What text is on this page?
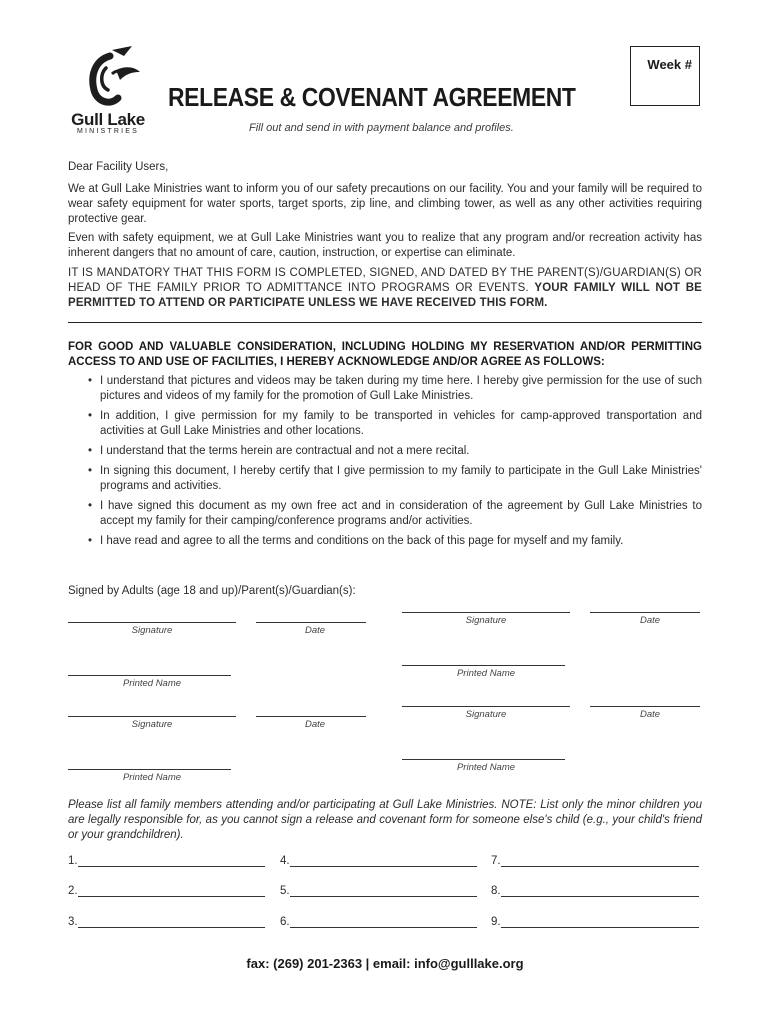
Gull Lake
MINISTRIES
RELEASE & COVENANT AGREEMENT
Fill out and send in with payment balance and profiles.
Week #
Dear Facility Users,
We at Gull Lake Ministries want to inform you of our safety precautions on our facility. You and your family will be required to wear safety equipment for water sports, target sports, zip line, and climbing tower, as well as any other activities requiring protective gear.
Even with safety equipment, we at Gull Lake Ministries want you to realize that any program and/or recreation activity has inherent dangers that no amount of care, caution, instruction, or expertise can eliminate.
IT IS MANDATORY THAT THIS FORM IS COMPLETED, SIGNED, AND DATED BY THE PARENT(S)/GUARDIAN(S) OR HEAD OF THE FAMILY PRIOR TO ADMITTANCE INTO PROGRAMS OR EVENTS. YOUR FAMILY WILL NOT BE PERMITTED TO ATTEND OR PARTICIPATE UNLESS WE HAVE RECEIVED THIS FORM.
FOR GOOD AND VALUABLE CONSIDERATION, INCLUDING HOLDING MY RESERVATION AND/OR PERMITTING ACCESS TO AND USE OF FACILITIES, I HEREBY ACKNOWLEDGE AND/OR AGREE AS FOLLOWS:
• I understand that pictures and videos may be taken during my time here. I hereby give permission for the use of such pictures and videos of my family for the promotion of Gull Lake Ministries.
• In addition, I give permission for my family to be transported in vehicles for camp-approved transportation and activities at Gull Lake Ministries and other locations.
• I understand that the terms herein are contractual and not a mere recital.
• In signing this document, I hereby certify that I give permission to my family to participate in the Gull Lake Ministries' programs and activities.
• I have signed this document as my own free act and in consideration of the agreement by Gull Lake Ministries to accept my family for their camping/conference programs and/or activities.
• I have read and agree to all the terms and conditions on the back of this page for myself and my family.
Signed by Adults (age 18 and up)/Parent(s)/Guardian(s):
Signature	Date
Signature	Date
Printed Name
Printed Name
Signature	Date
Signature	Date
Printed Name
Printed Name
Please list all family members attending and/or participating at Gull Lake Ministries. NOTE: List only the minor children you are legally responsible for, as you cannot sign a release and covenant form for someone else's child (e.g., your child's friend or your grandchildren).
1.	4.	7.
2.	5.	8.
3.	6.	9.
fax: (269) 201-2363 | email: info@gulllake.org
